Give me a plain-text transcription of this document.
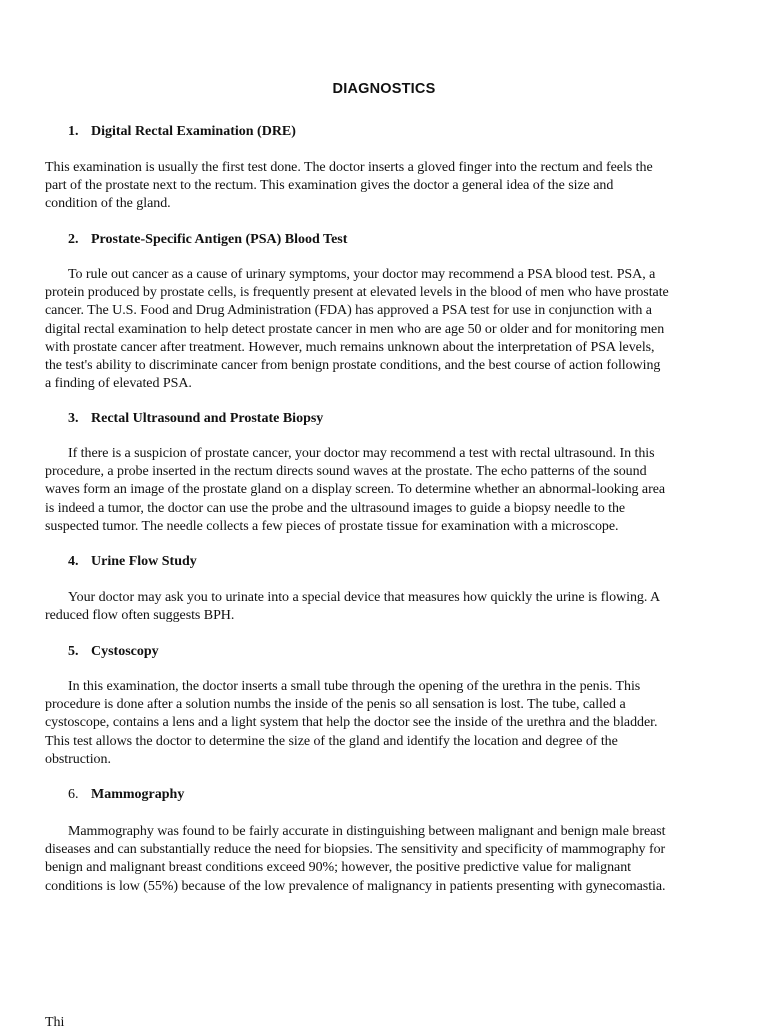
DIAGNOSTICS
1. Digital Rectal Examination (DRE)
This examination is usually the first test done. The doctor inserts a gloved finger into the rectum and feels the
part of the prostate next to the rectum. This examination gives the doctor a general idea of the size and
condition of the gland.
2. Prostate-Specific Antigen (PSA) Blood Test
To rule out cancer as a cause of urinary symptoms, your doctor may recommend a PSA blood test. PSA, a
protein produced by prostate cells, is frequently present at elevated levels in the blood of men who have prostate
cancer. The U.S. Food and Drug Administration (FDA) has approved a PSA test for use in conjunction with a
digital rectal examination to help detect prostate cancer in men who are age 50 or older and for monitoring men
with prostate cancer after treatment. However, much remains unknown about the interpretation of PSA levels,
the test's ability to discriminate cancer from benign prostate conditions, and the best course of action following
a finding of elevated PSA.
3. Rectal Ultrasound and Prostate Biopsy
If there is a suspicion of prostate cancer, your doctor may recommend a test with rectal ultrasound. In this
procedure, a probe inserted in the rectum directs sound waves at the prostate. The echo patterns of the sound
waves form an image of the prostate gland on a display screen. To determine whether an abnormal-looking area
is indeed a tumor, the doctor can use the probe and the ultrasound images to guide a biopsy needle to the
suspected tumor. The needle collects a few pieces of prostate tissue for examination with a microscope.
4. Urine Flow Study
Your doctor may ask you to urinate into a special device that measures how quickly the urine is flowing. A
reduced flow often suggests BPH.
5. Cystoscopy
In this examination, the doctor inserts a small tube through the opening of the urethra in the penis. This
procedure is done after a solution numbs the inside of the penis so all sensation is lost. The tube, called a
cystoscope, contains a lens and a light system that help the doctor see the inside of the urethra and the bladder.
This test allows the doctor to determine the size of the gland and identify the location and degree of the
obstruction.
6. Mammography
Mammography was found to be fairly accurate in distinguishing between malignant and benign male breast
diseases and can substantially reduce the need for biopsies. The sensitivity and specificity of mammography for
benign and malignant breast conditions exceed 90%; however, the positive predictive value for malignant
conditions is low (55%) because of the low prevalence of malignancy in patients presenting with gynecomastia.
Thi
